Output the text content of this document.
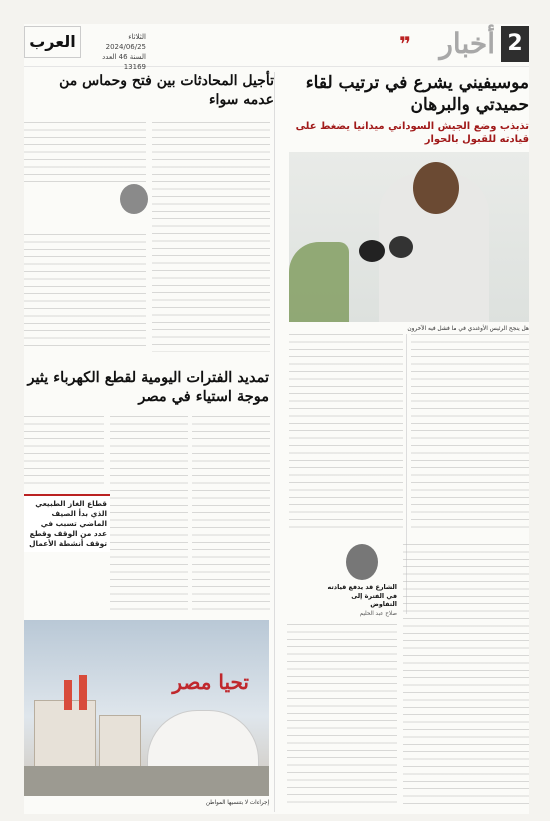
2
أخبار
❞
العرب	الثلاثاء 2024/06/25
السنة 46 العدد 13169
موسيفيني يشرع في ترتيب لقاء حميدتي والبرهان
تذبذب وضع الجيش السوداني ميدانيا يضغط على قيادته للقبول بالحوار
هل ينجح الرئيس الأوغندي في ما فشل فيه الآخرون
الشارع قد يدفع قيادته في الفترة إلى التفاوض
صلاح عبد الحليم
تأجيل المحادثات بين فتح وحماس من عدمه سواء
تمديد الفترات اليومية لقطع الكهرباء يثير موجة استياء في مصر
قطاع الغاز الطبيعي الذي بدأ الصيف الماضي تسبب في عدد من الوقف وقطع توقف أنشطة الأعمال
تحيا مصر
إجراءات لا بتنسيها المواطن
